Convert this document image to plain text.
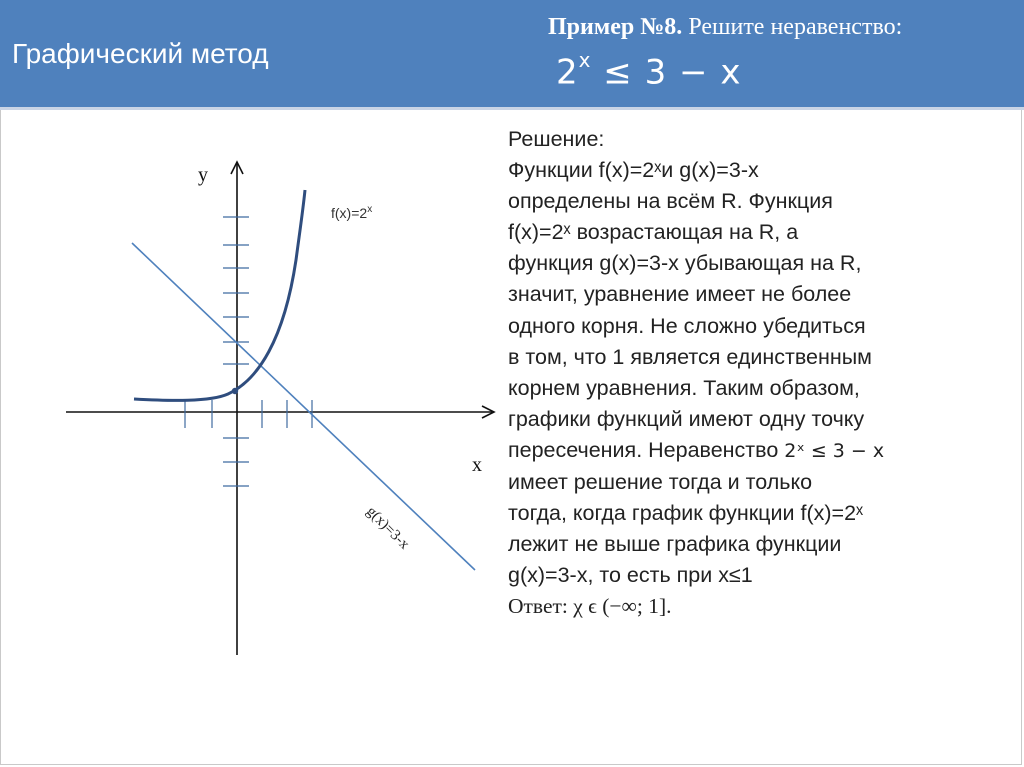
Графический метод
Пример №8. Решите неравенство:
$2^x \le 3 - x$
y
x
$f(x)=2^x$
g(x)=3-x
Решение:
Функции f(x)=2ˣи g(x)=3-x
определены на всём R. Функция
f(x)=2ˣ возрастающая на R, а
функция g(x)=3-x убывающая на R,
значит, уравнение имеет не более
одного корня. Не сложно убедиться
в том, что 1 является единственным
корнем уравнения. Таким образом,
графики функций имеют одну точку
пересечения. Неравенство 2ˣ ≤ 3 − x
имеет решение тогда и только
тогда, когда график функции f(x)=2ˣ
лежит не выше графика функции
g(x)=3-x, то есть при x≤1
Ответ: χ ϵ (−∞; 1].
